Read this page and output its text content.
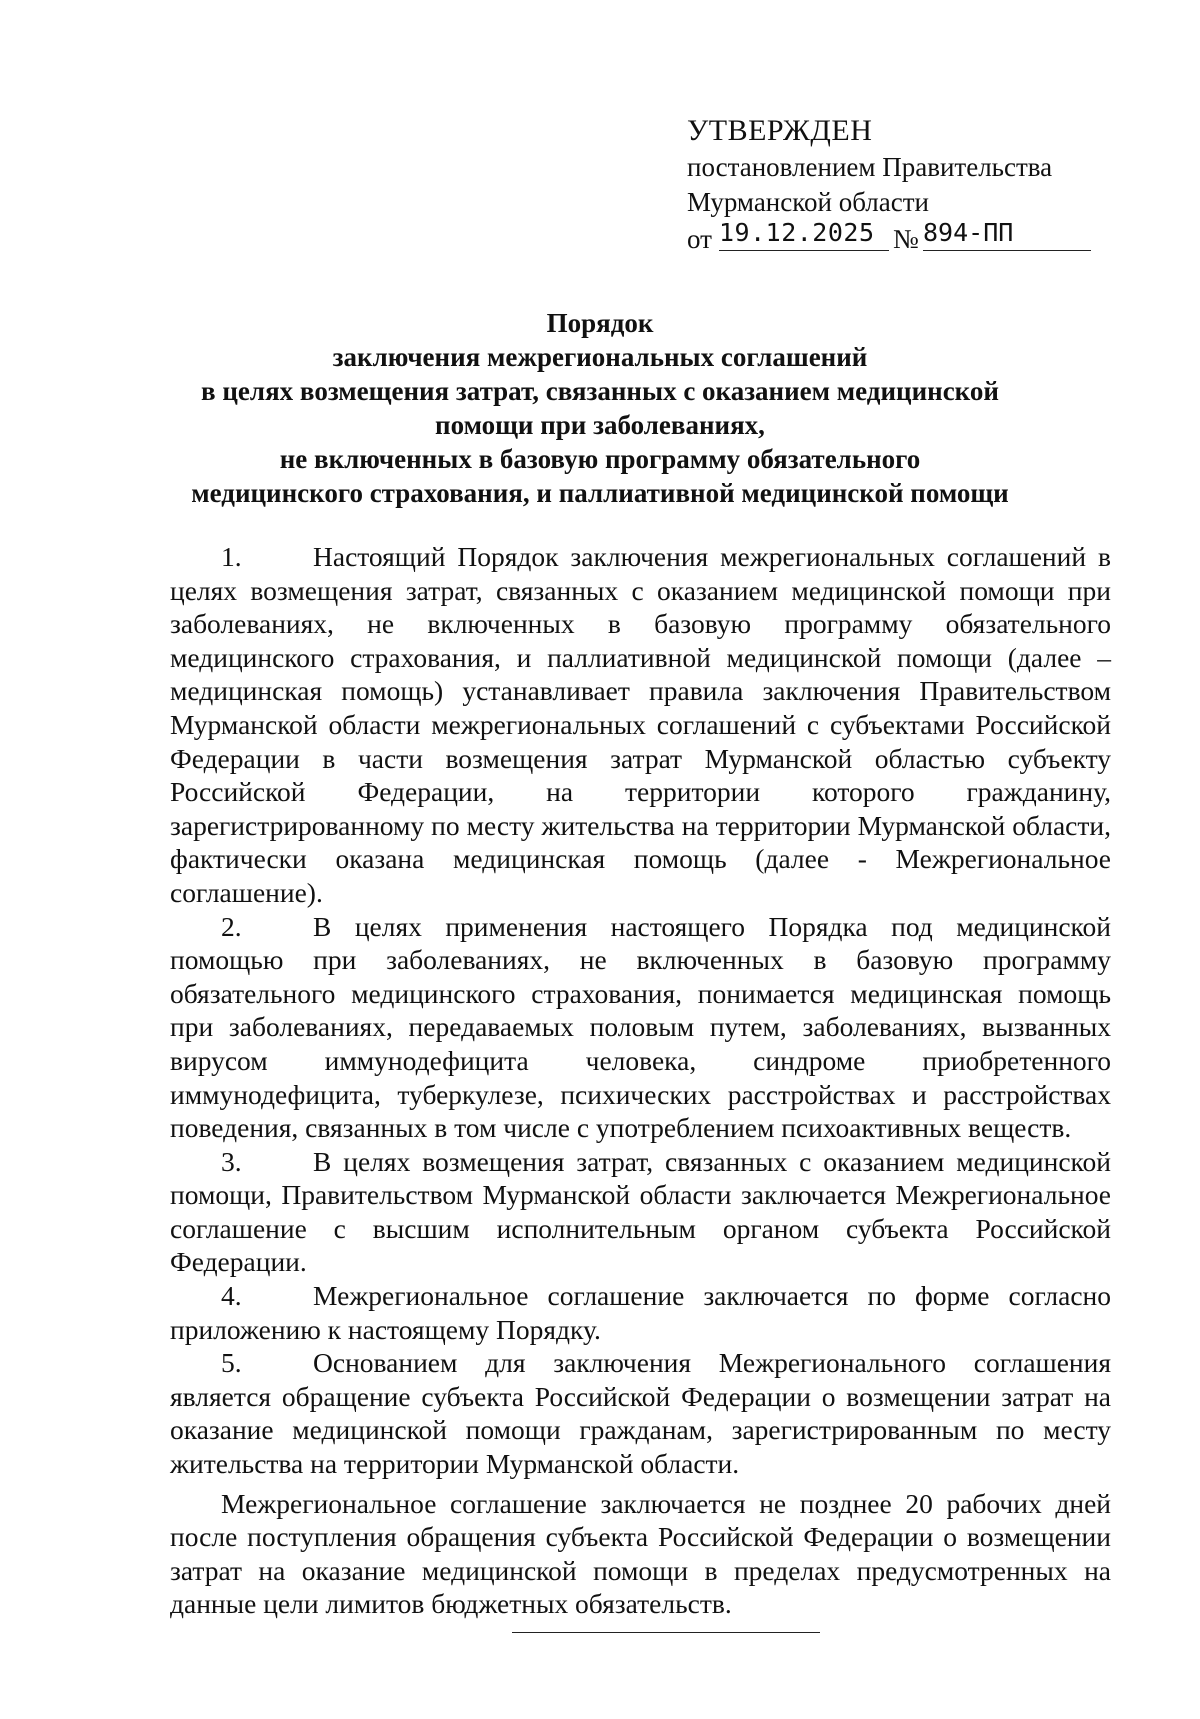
УТВЕРЖДЕН
постановлением Правительства
Мурманской области
от 19.12.2025 № 894-ПП
Порядок
заключения межрегиональных соглашений
в целях возмещения затрат, связанных с оказанием медицинской
помощи при заболеваниях,
не включенных в базовую программу обязательного
медицинского страхования, и паллиативной медицинской помощи

1.	Настоящий Порядок заключения межрегиональных соглашений в целях возмещения затрат, связанных с оказанием медицинской помощи при заболеваниях, не включенных в базовую программу обязательного медицинского страхования, и паллиативной медицинской помощи (далее – медицинская помощь) устанавливает правила заключения Правительством Мурманской области межрегиональных соглашений с субъектами Российской Федерации в части возмещения затрат Мурманской областью субъекту Российской Федерации, на территории которого гражданину, зарегистрированному по месту жительства на территории Мурманской области, фактически оказана медицинская помощь (далее - Межрегиональное соглашение).

2.	В целях применения настоящего Порядка под медицинской помощью при заболеваниях, не включенных в базовую программу обязательного медицинского страхования, понимается медицинская помощь при заболеваниях, передаваемых половым путем, заболеваниях, вызванных вирусом иммунодефицита человека, синдроме приобретенного иммунодефицита, туберкулезе, психических расстройствах и расстройствах поведения, связанных в том числе с употреблением психоактивных веществ.

3.	В целях возмещения затрат, связанных с оказанием медицинской помощи, Правительством Мурманской области заключается Межрегиональное соглашение с высшим исполнительным органом субъекта Российской Федерации.

4.	Межрегиональное соглашение заключается по форме согласно приложению к настоящему Порядку.

5.	Основанием для заключения Межрегионального соглашения является обращение субъекта Российской Федерации о возмещении затрат на оказание медицинской помощи гражданам, зарегистрированным по месту жительства на территории Мурманской области.

Межрегиональное соглашение заключается не позднее 20 рабочих дней после поступления обращения субъекта Российской Федерации о возмещении затрат на оказание медицинской помощи в пределах предусмотренных на данные цели лимитов бюджетных обязательств.
